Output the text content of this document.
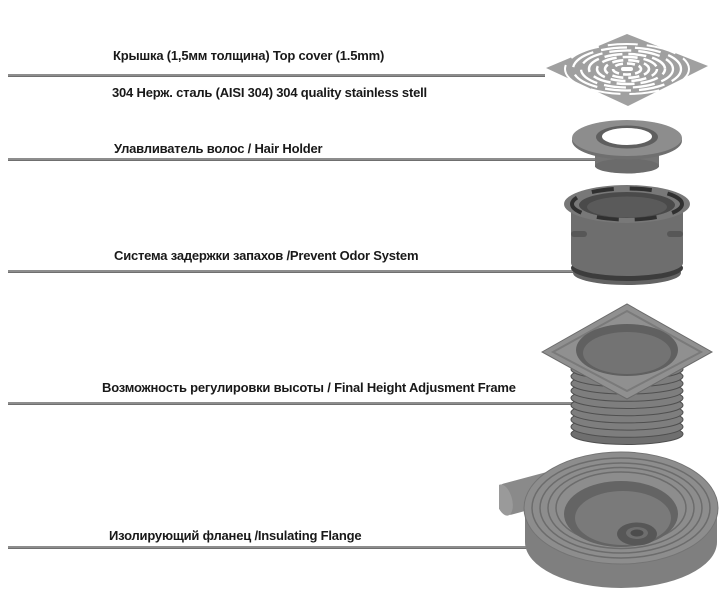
Крышка (1,5мм толщина) Top cover (1.5mm)
304 Нерж. сталь (AISI 304) 304 quality stainless stell
Улавливатель волос / Hair Holder
Система задержки запахов /Prevent Odor System
Возможность регулировки высоты / Final Height Adjusment Frame
Изолирующий фланец /Insulating Flange
